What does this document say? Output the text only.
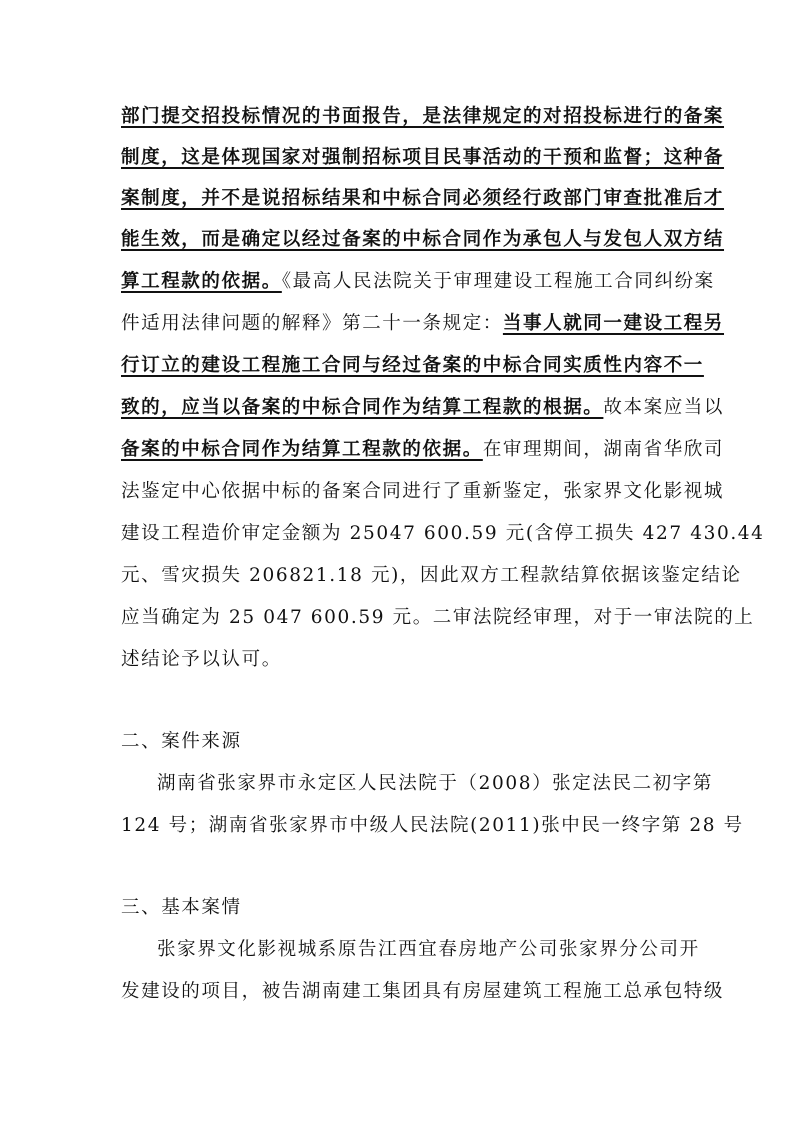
部门提交招投标情况的书面报告，是法律规定的对招投标进行的备案
制度，这是体现国家对强制招标项目民事活动的干预和监督；这种备
案制度，并不是说招标结果和中标合同必须经行政部门审查批准后才
能生效，而是确定以经过备案的中标合同作为承包人与发包人双方结
算工程款的依据。《最高人民法院关于审理建设工程施工合同纠纷案
件适用法律问题的解释》第二十一条规定：当事人就同一建设工程另
行订立的建设工程施工合同与经过备案的中标合同实质性内容不一
致的，应当以备案的中标合同作为结算工程款的根据。故本案应当以
备案的中标合同作为结算工程款的依据。在审理期间，湖南省华欣司
法鉴定中心依据中标的备案合同进行了重新鉴定，张家界文化影视城
建设工程造价审定金额为 25047 600.59 元(含停工损失 427 430.44
元、雪灾损失 206821.18 元)，因此双方工程款结算依据该鉴定结论
应当确定为 25 047 600.59 元。二审法院经审理，对于一审法院的上
述结论予以认可。
二、案件来源
湖南省张家界市永定区人民法院于（2008）张定法民二初字第
124 号；湖南省张家界市中级人民法院(2011)张中民一终字第 28 号
三、基本案情
张家界文化影视城系原告江西宜春房地产公司张家界分公司开
发建设的项目，被告湖南建工集团具有房屋建筑工程施工总承包特级
